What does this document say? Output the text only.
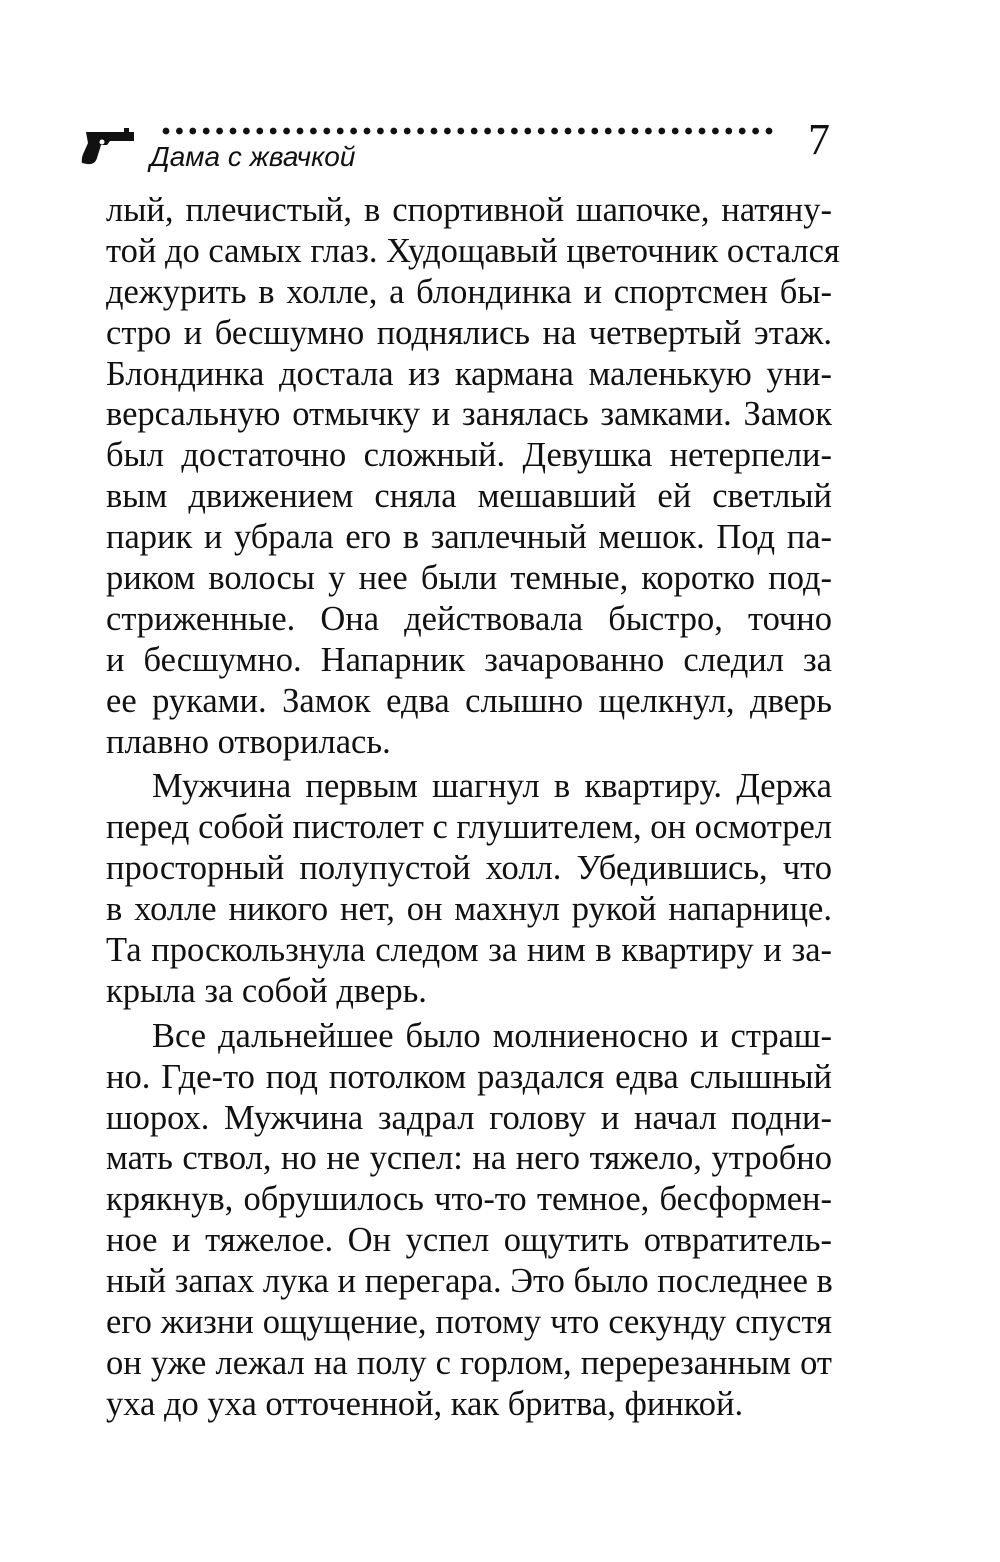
Дама с жвачкой	7
лый, плечистый, в спортивной шапочке, натяну-
той до самых глаз. Худощавый цветочник остался
дежурить в холле, а блондинка и спортсмен бы-
стро и бесшумно поднялись на четвертый этаж.
Блондинка достала из кармана маленькую уни-
версальную отмычку и занялась замками. Замок
был достаточно сложный. Девушка нетерпели-
вым движением сняла мешавший ей светлый
парик и убрала его в заплечный мешок. Под па-
риком волосы у нее были темные, коротко под-
стриженные. Она действовала быстро, точно
и бесшумно. Напарник зачарованно следил за
ее руками. Замок едва слышно щелкнул, дверь
плавно отворилась.
Мужчина первым шагнул в квартиру. Держа
перед собой пистолет с глушителем, он осмотрел
просторный полупустой холл. Убедившись, что
в холле никого нет, он махнул рукой напарнице.
Та проскользнула следом за ним в квартиру и за-
крыла за собой дверь.
Все дальнейшее было молниеносно и страш-
но. Где-то под потолком раздался едва слышный
шорох. Мужчина задрал голову и начал подни-
мать ствол, но не успел: на него тяжело, утробно
крякнув, обрушилось что-то темное, бесформен-
ное и тяжелое. Он успел ощутить отвратитель-
ный запах лука и перегара. Это было последнее в
его жизни ощущение, потому что секунду спустя
он уже лежал на полу с горлом, перерезанным от
уха до уха отточенной, как бритва, финкой.
